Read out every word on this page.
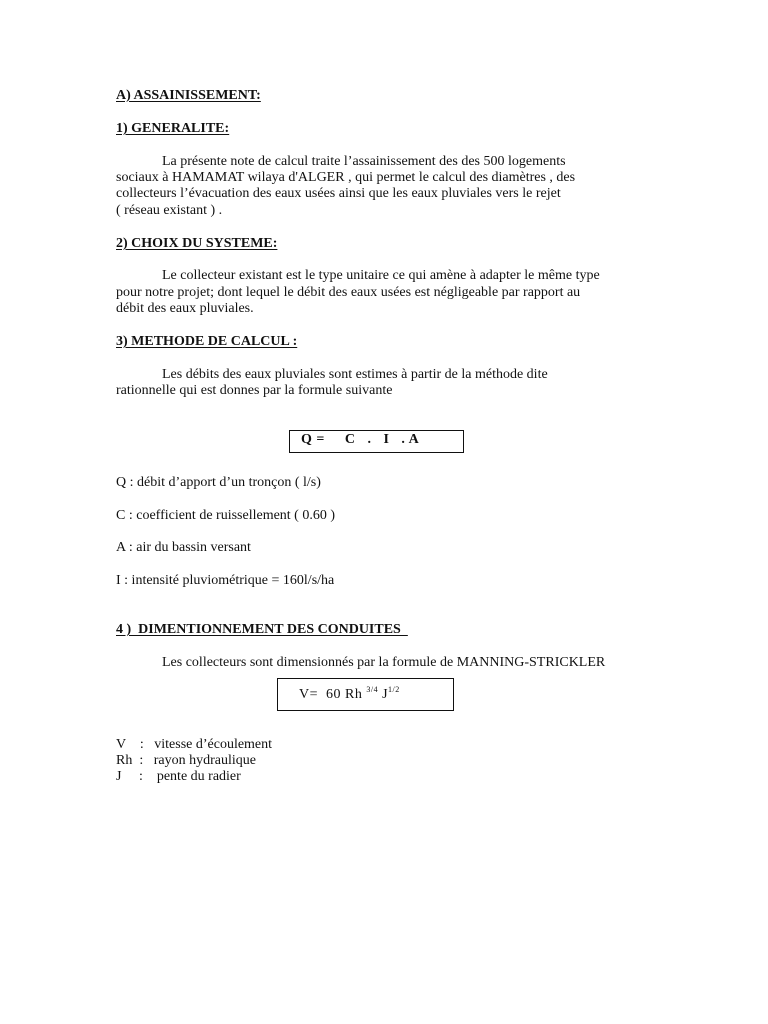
A) ASSAINISSEMENT:
1) GENERALITE:
La présente note de calcul traite l’assainissement des des 500 logements
sociaux à HAMAMAT wilaya d'ALGER , qui permet le calcul des diamètres , des
collecteurs l’évacuation des eaux usées ainsi que les eaux pluviales vers le rejet
( réseau existant ) .
2) CHOIX DU SYSTEME:
Le collecteur existant est le type unitaire ce qui amène à adapter le même type
pour notre projet; dont lequel le débit des eaux usées est négligeable par rapport au
débit des eaux pluviales.
3) METHODE DE CALCUL :
Les débits des eaux pluviales sont estimes à partir de la méthode dite
rationnelle qui est donnes par la formule suivante
Q =     C   .   I   . A
Q : débit d’apport d’un tronçon ( l/s)
C : coefficient de ruissellement ( 0.60 )
A : air du bassin versant
I : intensité pluviométrique = 160l/s/ha
4 )  DIMENTIONNEMENT DES CONDUITES
Les collecteurs sont dimensionnés par la formule de MANNING-STRICKLER
V=  60 Rh $^{3/4}$ $J^{1/2}$
V    :   vitesse d’écoulement
Rh  :   rayon hydraulique
J     :    pente du radier
